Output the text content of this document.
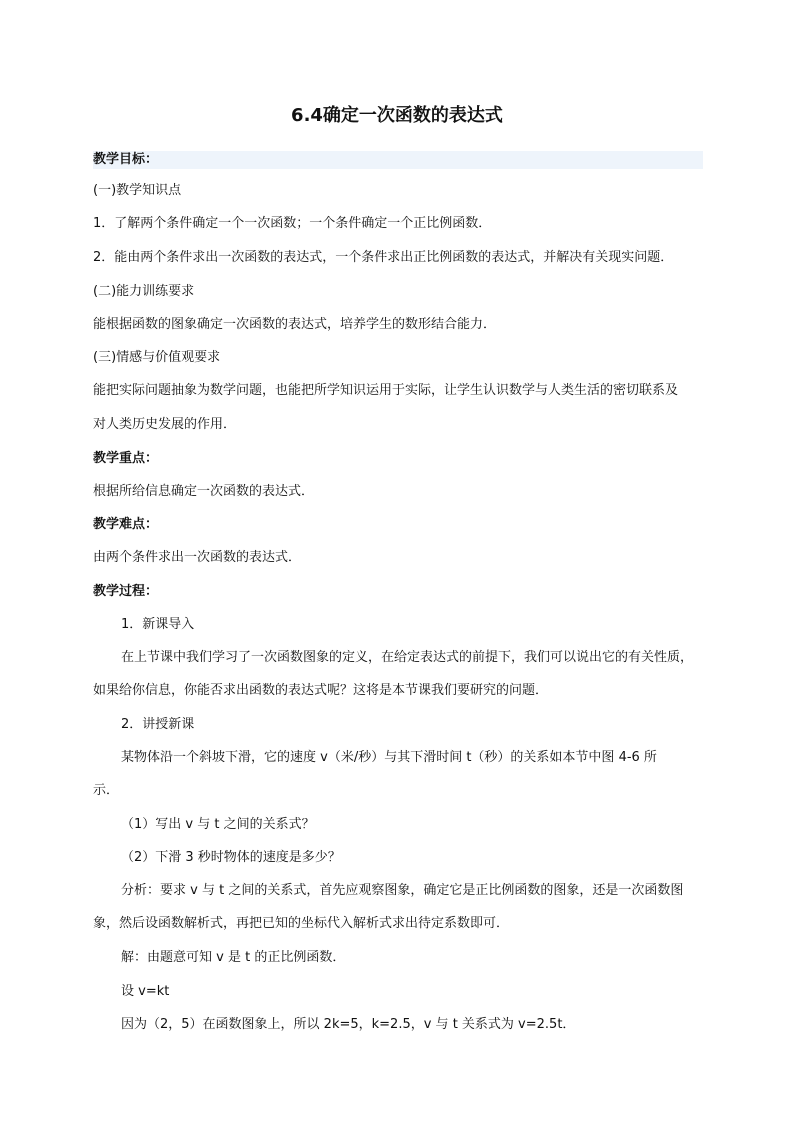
6.4确定一次函数的表达式
教学目标：
(一)教学知识点
1．了解两个条件确定一个一次函数；一个条件确定一个正比例函数．
2．能由两个条件求出一次函数的表达式，一个条件求出正比例函数的表达式，并解决有关现实问题．
(二)能力训练要求
能根据函数的图象确定一次函数的表达式，培养学生的数形结合能力．
(三)情感与价值观要求
能把实际问题抽象为数学问题，也能把所学知识运用于实际，让学生认识数学与人类生活的密切联系及
对人类历史发展的作用．
教学重点：
根据所给信息确定一次函数的表达式．
教学难点：
由两个条件求出一次函数的表达式．
教学过程：
1．新课导入
在上节课中我们学习了一次函数图象的定义，在给定表达式的前提下，我们可以说出它的有关性质，
如果给你信息，你能否求出函数的表达式呢？这将是本节课我们要研究的问题．
2．讲授新课
某物体沿一个斜坡下滑，它的速度 v（米/秒）与其下滑时间 t（秒）的关系如本节中图 4-6 所
示．
（1）写出 v 与 t 之间的关系式？
（2）下滑 3 秒时物体的速度是多少？
分析：要求 v 与 t 之间的关系式，首先应观察图象，确定它是正比例函数的图象，还是一次函数图
象，然后设函数解析式，再把已知的坐标代入解析式求出待定系数即可．
解：由题意可知 v 是 t 的正比例函数．
设 v=kt
因为（2，5）在函数图象上，所以 2k=5，k=2.5，v 与 t 关系式为 v=2.5t．
